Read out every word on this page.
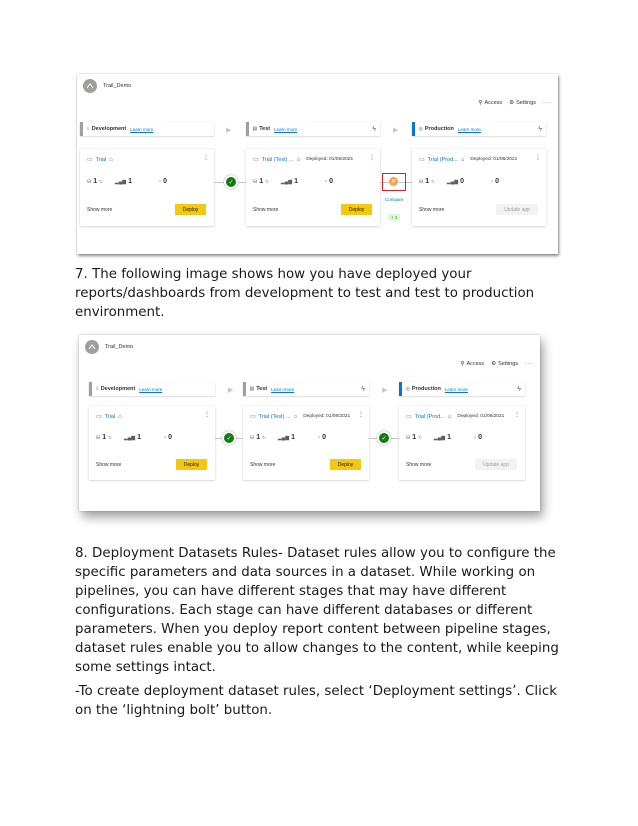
Trail_Demo
⚲ Access ⚙ Settings ···
⁝⁝ Development Learn more
▭ Trial ⌂	⋮
⛁ 1 ↻ ▂▄▆ 1	◔ 0
Show more	Deploy
▶
✓
▤ Test Learn more	ϟ
▭ Trial (Test) ... ⌂ Deployed: 01/06/2021	⋮
⛁ 1 ↻ ▂▄▆ 1	◔ 0
Show more	Deploy
▶
✕
Compare
+ 1
◎ Production Learn more	ϟ
▭ Trial (Prod... ⌂ Deployed: 01/06/2021	⋮
⛁ 1 ↻ ▂▄▆ 0	◔ 0
Show more	Update app
7. The following image shows how you have deployed your reports/dashboards from development to test and test to production environment.
Trail_Demo
⚲ Access ⚙ Settings ···
⁝⁝ Development Learn more
▭ Trial ⌂	⋮
⛁ 1 ↻ ▂▄▆ 1	◔ 0
Show more	Deploy
▶
✓
▤ Test Learn more	ϟ
▭ Trial (Test) ... ⌂ Deployed: 01/06/2021 ⋮
⛁ 1 ↻ ▂▄▆ 1	◔ 0
Show more	Deploy
▶
✓
◎ Production Learn more	ϟ
▭ Trial (Prod... ⌂ Deployed: 01/06/2021 ⋮
⛁ 1 ↻ ▂▄▆ 1	◔ 0
Show more	Update app
8. Deployment Datasets Rules- Dataset rules allow you to configure the specific parameters and data sources in a dataset. While working on pipelines, you can have different stages that may have different configurations. Each stage can have different databases or different parameters. When you deploy report content between pipeline stages, dataset rules enable you to allow changes to the content, while keeping some settings intact.
-To create deployment dataset rules, select ‘Deployment settings’. Click on the ‘lightning bolt’ button.
